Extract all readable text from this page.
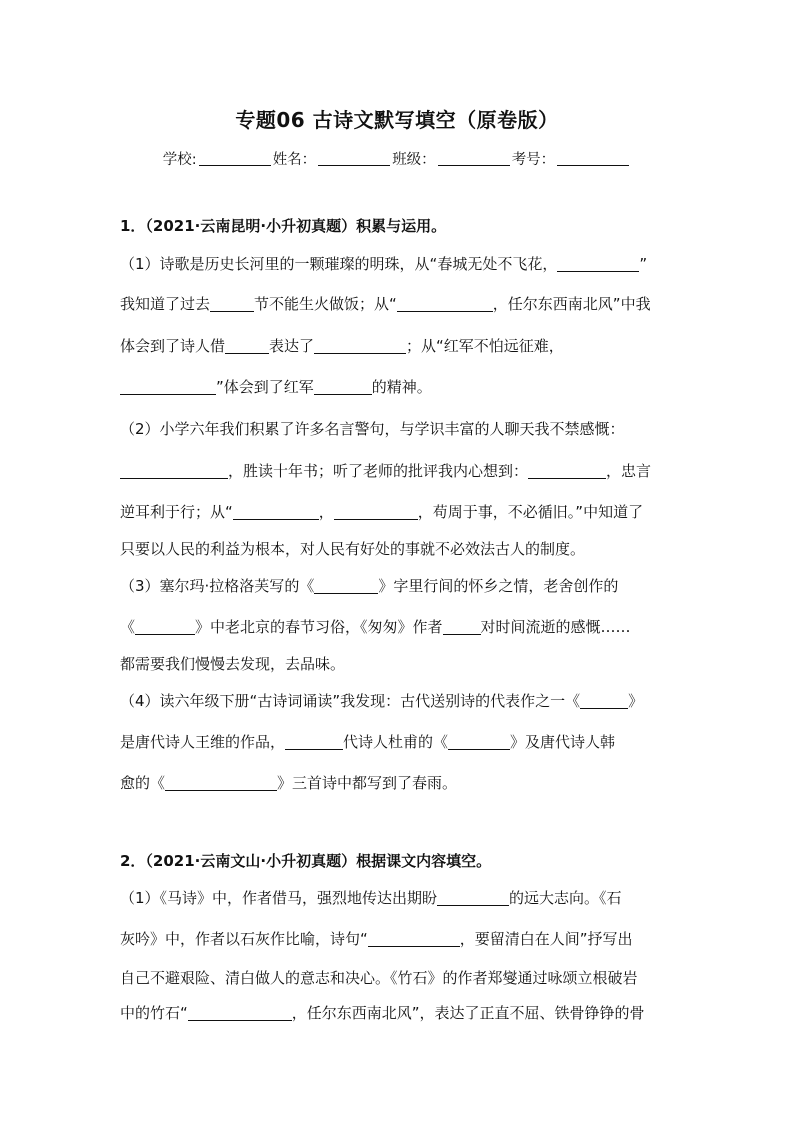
专题06 古诗文默写填空（原卷版）
学校:	姓名：	班级：	考号：
1．（2021·云南昆明·小升初真题）积累与运用。
（1）诗歌是历史长河里的一颗璀璨的明珠，从“春城无处不飞花，	”
我知道了过去	节不能生火做饭；从“	，任尔东西南北风”中我
体会到了诗人借	表达了	；从“红军不怕远征难，
”体会到了红军	的精神。
（2）小学六年我们积累了许多名言警句，与学识丰富的人聊天我不禁感慨：
，胜读十年书；听了老师的批评我内心想到：	，忠言
逆耳利于行；从“	，	，苟周于事，不必循旧。”中知道了
只要以人民的利益为根本，对人民有好处的事就不必效法古人的制度。
（3）塞尔玛·拉格洛芙写的《	》字里行间的怀乡之情，老舍创作的
《	》中老北京的春节习俗，《匆匆》作者	对时间流逝的感慨……
都需要我们慢慢去发现，去品味。
（4）读六年级下册“古诗词诵读”我发现：古代送别诗的代表作之一《	》
是唐代诗人王维的作品，	代诗人杜甫的《	》及唐代诗人韩
愈的《	》三首诗中都写到了春雨。
2．（2021·云南文山·小升初真题）根据课文内容填空。
（1）《马诗》中，作者借马，强烈地传达出期盼	的远大志向。《石
灰吟》中，作者以石灰作比喻，诗句“	，要留清白在人间”抒写出
自己不避艰险、清白做人的意志和决心。《竹石》的作者郑燮通过咏颂立根破岩
中的竹石“	，任尔东西南北风”，表达了正直不屈、铁骨铮铮的骨
